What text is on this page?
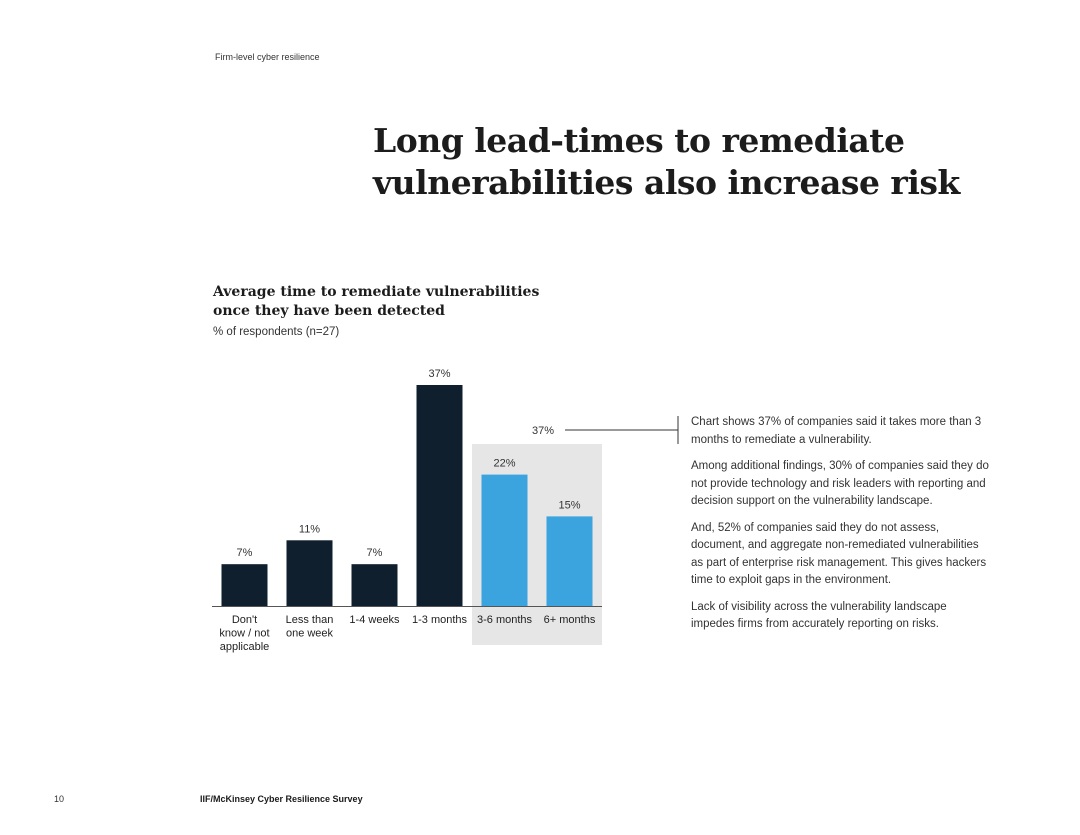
Firm-level cyber resilience
Long lead-times to remediate vulnerabilities also increase risk
Average time to remediate vulnerabilities once they have been detected
% of respondents (n=27)
37%
7%
Don't know / not applicable
11%
Less than one week
7%
1-4 weeks
37%
1-3 months
22%
3-6 months
15%
6+ months

Chart shows 37% of companies said it takes more than 3 months to remediate a vulnerability.

Among additional findings, 30% of companies said they do not provide technology and risk leaders with reporting and decision support on the vulnerability landscape.

And, 52% of companies said they do not assess, document, and aggregate non-remediated vulnerabilities as part of enterprise risk management. This gives hackers time to exploit gaps in the environment.

Lack of visibility across the vulnerability landscape impedes firms from accurately reporting on risks.

10	IIF/McKinsey Cyber Resilience Survey
